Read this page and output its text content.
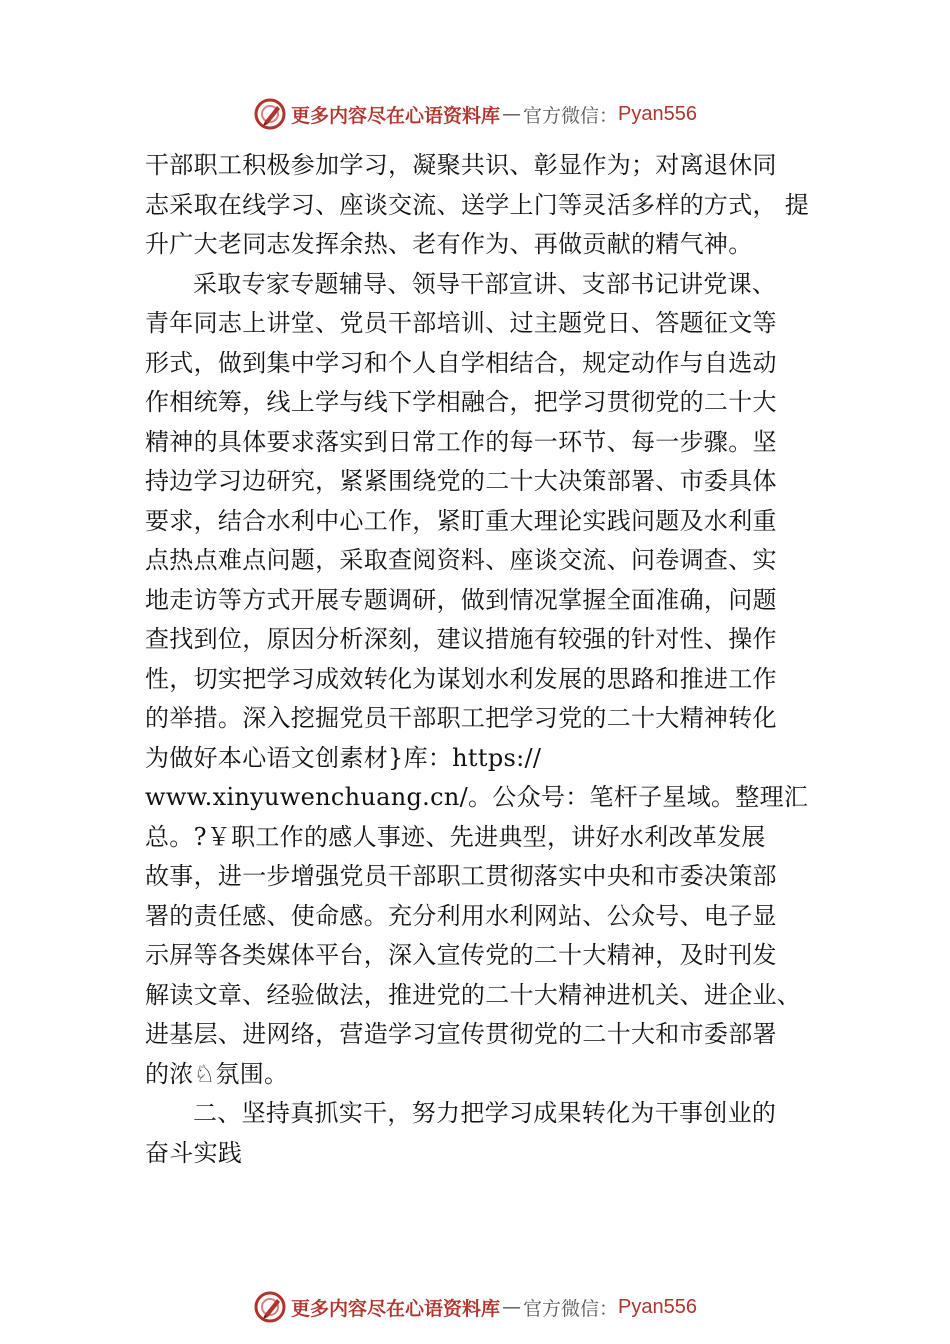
更多内容尽在心语资料库 — 官方微信： Pyan556
干部职工积极参加学习，凝聚共识、彰显作为；对离退休同
志采取在线学习、座谈交流、送学上门等灵活多样的方式， 提
升广大老同志发挥余热、老有作为、再做贡献的精气神。
采取专家专题辅导、领导干部宣讲、支部书记讲党课、
青年同志上讲堂、党员干部培训、过主题党日、答题征文等
形式，做到集中学习和个人自学相结合，规定动作与自选动
作相统筹，线上学与线下学相融合，把学习贯彻党的二十大
精神的具体要求落实到日常工作的每一环节、每一步骤。坚
持边学习边研究，紧紧围绕党的二十大决策部署、市委具体
要求，结合水利中心工作，紧盯重大理论实践问题及水利重
点热点难点问题，采取查阅资料、座谈交流、问卷调查、实
地走访等方式开展专题调研，做到情况掌握全面准确，问题
查找到位，原因分析深刻，建议措施有较强的针对性、操作
性，切实把学习成效转化为谋划水利发展的思路和推进工作
的举措。深入挖掘党员干部职工把学习党的二十大精神转化
为做好本心语文创素材}库：https://
www.xinyuwenchuang.cn/。公众号：笔杆子星域。整理汇
总。?￥职工作的感人事迹、先进典型，讲好水利改革发展
故事，进一步增强党员干部职工贯彻落实中央和市委决策部
署的责任感、使命感。充分利用水利网站、公众号、电子显
示屏等各类媒体平台，深入宣传党的二十大精神，及时刊发
解读文章、经验做法，推进党的二十大精神进机关、进企业、
进基层、进网络，营造学习宣传贯彻党的二十大和市委部署
的浓♘氛围。
二、坚持真抓实干，努力把学习成果转化为干事创业的
奋斗实践
更多内容尽在心语资料库 — 官方微信： Pyan556
